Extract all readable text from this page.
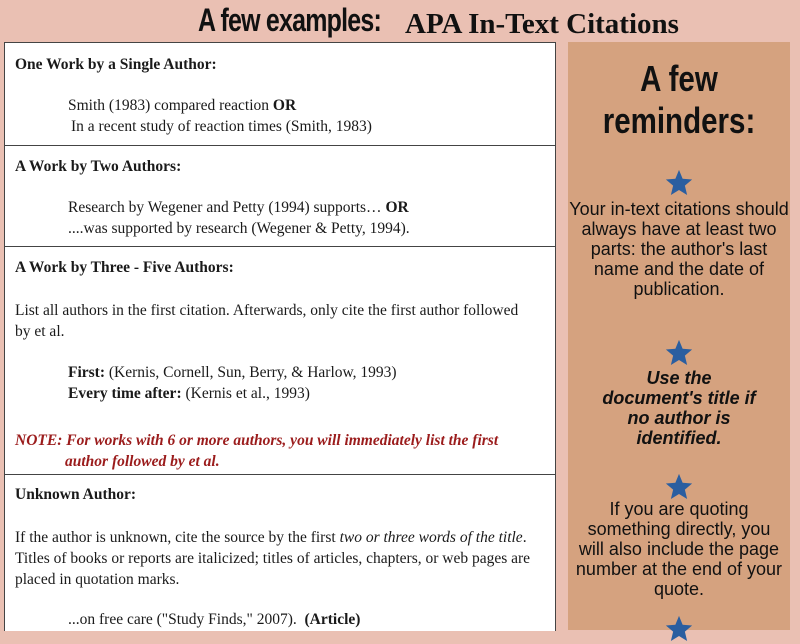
A few examples: APA In-Text Citations
One Work by a Single Author:
Smith (1983) compared reaction OR
In a recent study of reaction times (Smith, 1983)
A Work by Two Authors:
Research by Wegener and Petty (1994) supports… OR
....was supported by research (Wegener & Petty, 1994).
A Work by Three - Five Authors:
List all authors in the first citation. Afterwards, only cite the first author followed by et al.
First: (Kernis, Cornell, Sun, Berry, & Harlow, 1993)
Every time after: (Kernis et al., 1993)
NOTE: For works with 6 or more authors, you will immediately list the first author followed by et al.
Unknown Author:
If the author is unknown, cite the source by the first two or three words of the title. Titles of books or reports are italicized; titles of articles, chapters, or web pages are placed in quotation marks.
...on free care ("Study Finds," 2007). (Article)
A few
reminders:
Your in-text citations should always have at least two parts: the author's last name and the date of publication.
Use the document's title if no author is identified.
If you are quoting something directly, you will also include the page number at the end of your quote.
